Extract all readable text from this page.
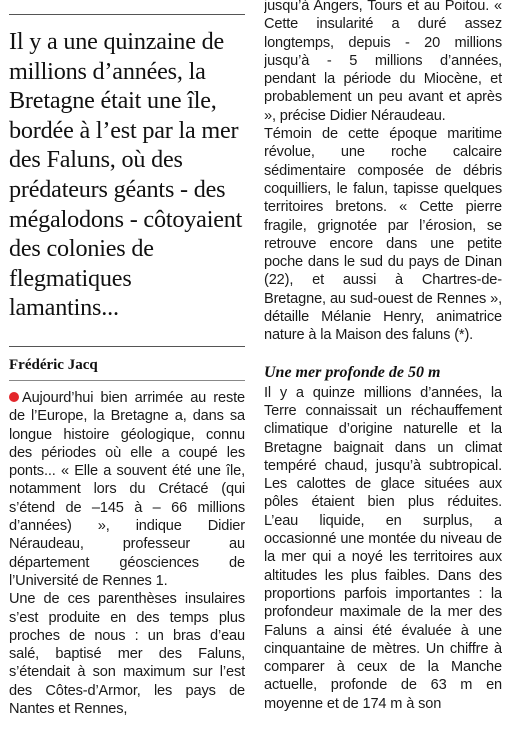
Il y a une quinzaine de millions d’années, la Bretagne était une île, bordée à l’est par la mer des Faluns, où des prédateurs géants - des mégalodons - côtoyaient des colonies de flegmatiques lamantins...

Frédéric Jacq

Aujourd’hui bien arrimée au reste de l’Europe, la Bretagne a, dans sa longue histoire géologique, connu des périodes où elle a coupé les ponts... « Elle a souvent été une île, notamment lors du Crétacé (qui s’étend de –145 à – 66 millions d’années) », indique Didier Néraudeau, professeur au département géosciences de l’Université de Rennes 1.

Une de ces parenthèses insulaires s’est produite en des temps plus proches de nous : un bras d’eau salé, baptisé mer des Faluns, s’étendait à son maximum sur l’est des Côtes-d’Armor, les pays de Nantes et Rennes,

jusqu’à Angers, Tours et au Poitou. « Cette insularité a duré assez longtemps, depuis - 20 millions jusqu’à - 5 millions d’années, pendant la période du Miocène, et probablement un peu avant et après », précise Didier Néraudeau.

Témoin de cette époque maritime révolue, une roche calcaire sédimentaire composée de débris coquilliers, le falun, tapisse quelques territoires bretons. « Cette pierre fragile, grignotée par l’érosion, se retrouve encore dans une petite poche dans le sud du pays de Dinan (22), et aussi à Chartres-de-Bretagne, au sud-ouest de Rennes », détaille Mélanie Henry, animatrice nature à la Maison des faluns (*).

Une mer profonde de 50 m

Il y a quinze millions d’années, la Terre connaissait un réchauffement climatique d’origine naturelle et la Bretagne baignait dans un climat tempéré chaud, jusqu’à subtropical. Les calottes de glace situées aux pôles étaient bien plus réduites. L’eau liquide, en surplus, a occasionné une montée du niveau de la mer qui a noyé les territoires aux altitudes les plus faibles. Dans des proportions parfois importantes : la profondeur maximale de la mer des Faluns a ainsi été évaluée à une cinquantaine de mètres. Un chiffre à comparer à ceux de la Manche actuelle, profonde de 63 m en moyenne et de 174 m à son
